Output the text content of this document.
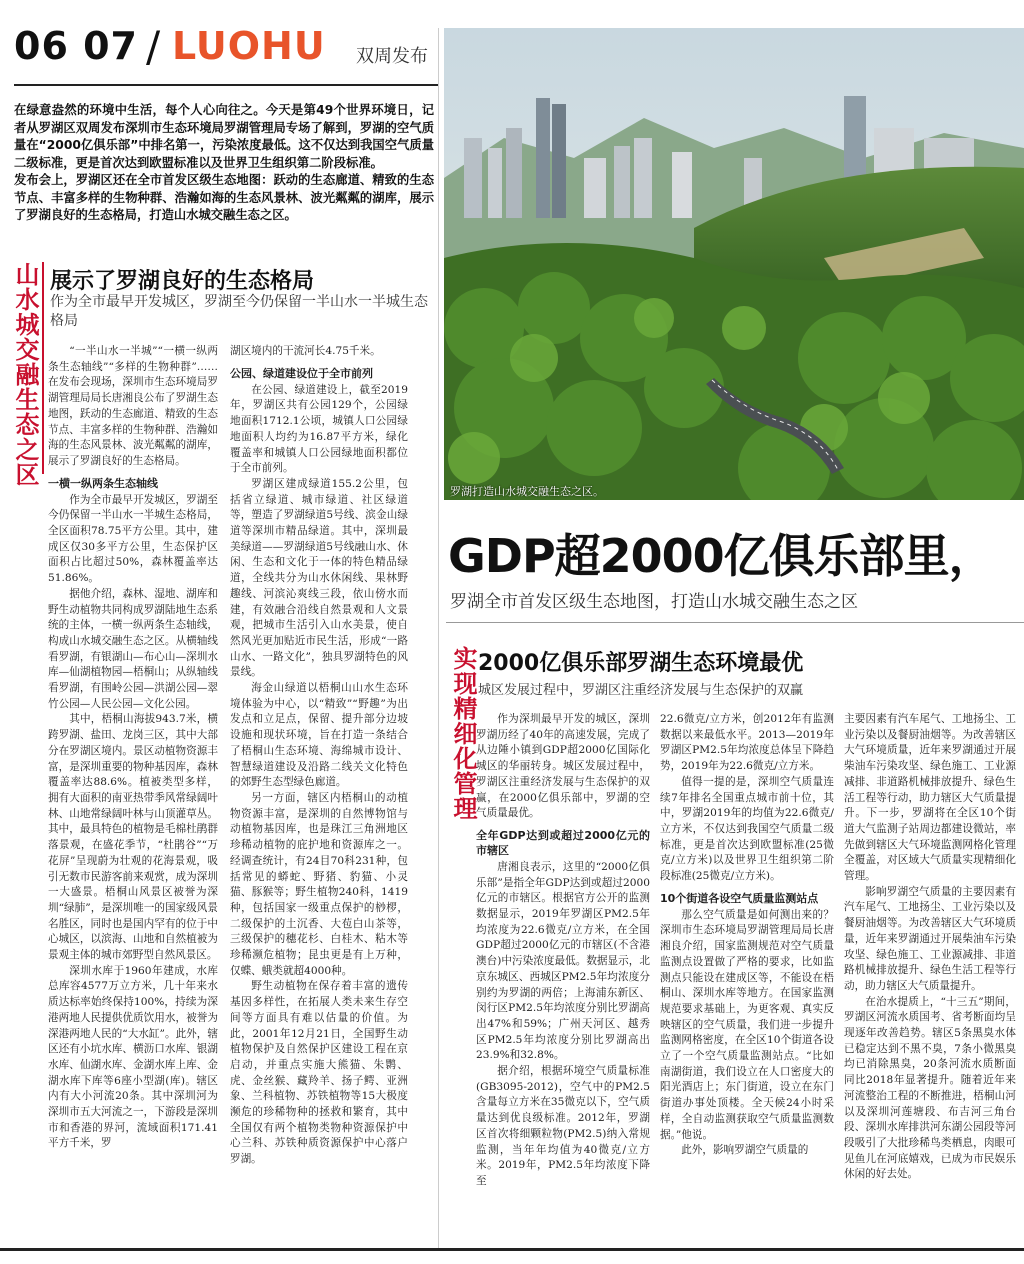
06 07 / LUOHU 双周发布

在绿意盎然的环境中生活，每个人心向往之。今天是第49个世界环境日，记者从罗湖区双周发布深圳市生态环境局罗湖管理局专场了解到，罗湖的空气质量在“2000亿俱乐部”中排名第一，污染浓度最低。这不仅达到我国空气质量二级标准，更是首次达到欧盟标准以及世界卫生组织第二阶段标准。

发布会上，罗湖区还在全市首发区级生态地图：跃动的生态廊道、精致的生态节点、丰富多样的生物种群、浩瀚如海的生态风景林、波光粼粼的湖库，展示了罗湖良好的生态格局，打造山水城交融生态之区。

山水城交融生态之区 展示了罗湖良好的生态格局
作为全市最早开发城区，罗湖至今仍保留一半山水一半城生态格局

“一半山水一半城”“一横一纵两条生态轴线”“多样的生物种群”……在发布会现场，深圳市生态环境局罗湖管理局局长唐湘良公布了罗湖生态地图，跃动的生态廊道、精致的生态节点、丰富多样的生物种群、浩瀚如海的生态风景林、波光粼粼的湖库，展示了罗湖良好的生态格局。

一横一纵两条生态轴线

作为全市最早开发城区，罗湖至今仍保留一半山水一半城生态格局，全区面积78.75平方公里。其中，建成区仅30多平方公里，生态保护区面积占比超过50%，森林覆盖率达51.86%。

据他介绍，森林、湿地、湖库和野生动植物共同构成罗湖陆地生态系统的主体，一横一纵两条生态轴线，构成山水城交融生态之区。从横轴线看罗湖，有银湖山—布心山—深圳水库—仙湖植物园—梧桐山；从纵轴线看罗湖，有围岭公园—洪湖公园—翠竹公园—人民公园—文化公园。

其中，梧桐山海拔943.7米，横跨罗湖、盐田、龙岗三区，其中大部分在罗湖区境内。景区动植物资源丰富，是深圳重要的物种基因库，森林覆盖率达88.6%。植被类型多样，拥有大面积的南亚热带季风常绿阔叶林、山地常绿阔叶林与山顶灌草丛。其中，最具特色的植物是毛棉杜鹃群落景观，在盛花季节，“杜鹃谷”“万花屏”呈现蔚为壮观的花海景观，吸引无数市民游客前来观赏，成为深圳一大盛景。梧桐山风景区被誉为深圳“绿肺”，是深圳唯一的国家级风景名胜区，同时也是国内罕有的位于中心城区，以滨海、山地和自然植被为景观主体的城市郊野型自然风景区。

深圳水库于1960年建成，水库总库容4577万立方米，几十年来水质达标率始终保持100%，持续为深港两地人民提供优质饮用水，被誉为深港两地人民的“大水缸”。此外，辖区还有小坑水库、横沥口水库、银湖水库、仙湖水库、金湖水库上库、金湖水库下库等6座小型湖(库)。辖区内有大小河流20条。其中深圳河为深圳市五大河流之一，下游段是深圳市和香港的界河，流域面积171.41平方千米，罗

湖区境内的干流河长4.75千米。

公园、绿道建设位于全市前列

在公园、绿道建设上，截至2019年，罗湖区共有公园129个，公园绿地面积1712.1公顷，城镇人口公园绿地面积人均约为16.87平方米，绿化覆盖率和城镇人口公园绿地面积都位于全市前列。

罗湖区建成绿道155.2公里，包括省立绿道、城市绿道、社区绿道等，塑造了罗湖绿道5号线、滨金山绿道等深圳市精品绿道。其中，深圳最美绿道——罗湖绿道5号线融山水、休闲、生态和文化于一体的特色精品绿道，全线共分为山水休闲线、果林野趣线、河滨沁爽线三段，依山傍水而建，有效融合沿线自然景观和人文景观，把城市生活引入山水美景，使自然风光更加贴近市民生活，形成“一路山水、一路文化”，独具罗湖特色的风景线。

海金山绿道以梧桐山山水生态环境体验为中心，以“精致”“野趣”为出发点和立足点，保留、提升部分边坡设施和现状环境，旨在打造一条结合了梧桐山生态环境、海绵城市设计、智慧绿道建设及沿路二线关文化特色的郊野生态型绿色廊道。

另一方面，辖区内梧桐山的动植物资源丰富，是深圳的自然博物馆与动植物基因库，也是珠江三角洲地区珍稀动植物的庇护地和资源库之一。经调查统计，有24目70科231种，包括常见的蟒蛇、野猪、豹猫、小灵猫、豚猴等；野生植物240科，1419种，包括国家一级重点保护的桫椤，二级保护的土沉香、大苞白山茶等，三级保护的穗花杉、白桂木、粘木等珍稀濒危植物；昆虫更是有上万种，仅蝶、蛾类就超4000种。

野生动植物在保存着丰富的遗传基因多样性，在拓展人类未来生存空间等方面具有难以估量的价值。为此，2001年12月21日，全国野生动植物保护及自然保护区建设工程在京启动，并重点实施大熊猫、朱鹮、虎、金丝猴、藏羚羊、扬子鳄、亚洲象、兰科植物、苏铁植物等15大极度濒危的珍稀物种的拯救和繁育，其中全国仅有两个植物类物种资源保护中心兰科、苏铁种质资源保护中心落户罗湖。

罗湖打造山水城交融生态之区。
GDP超2000亿俱乐部里，
罗湖全市首发区级生态地图，打造山水城交融生态之区
实现精细化管理 2000亿俱乐部罗湖生态环境最优
城区发展过程中，罗湖区注重经济发展与生态保护的双赢

作为深圳最早开发的城区，深圳罗湖历经了40年的高速发展，完成了从边陲小镇到GDP超2000亿国际化城区的华丽转身。城区发展过程中，罗湖区注重经济发展与生态保护的双赢，在2000亿俱乐部中，罗湖的空气质量最优。

全年GDP达到或超过2000亿元的市辖区

唐湘良表示，这里的“2000亿俱乐部”是指全年GDP达到或超过2000亿元的市辖区。根据官方公开的监测数据显示，2019年罗湖区PM2.5年均浓度为22.6微克/立方米，在全国GDP超过2000亿元的市辖区(不含港澳台)中污染浓度最低。数据显示，北京东城区、西城区PM2.5年均浓度分别约为罗湖的两倍；上海浦东新区、闵行区PM2.5年均浓度分别比罗湖高出47%和59%；广州天河区、越秀区PM2.5年均浓度分别比罗湖高出23.9%和32.8%。

据介绍，根据环境空气质量标准(GB3095-2012)，空气中的PM2.5含量每立方米在35微克以下，空气质量达到优良级标准。2012年，罗湖区首次将细颗粒物(PM2.5)纳入常规监测，当年年均值为40微克/立方米。2019年，PM2.5年均浓度下降至

22.6微克/立方米，创2012年有监测数据以来最低水平。2013—2019年罗湖区PM2.5年均浓度总体呈下降趋势，2019年为22.6微克/立方米。

值得一提的是，深圳空气质量连续7年排名全国重点城市前十位，其中，罗湖2019年的均值为22.6微克/立方米，不仅达到我国空气质量二级标准，更是首次达到欧盟标准(25微克/立方米)以及世界卫生组织第二阶段标准(25微克/立方米)。

10个街道各设空气质量监测站点

那么空气质量是如何测出来的？深圳市生态环境局罗湖管理局局长唐湘良介绍，国家监测规范对空气质量监测点设置做了严格的要求，比如监测点只能设在建成区等，不能设在梧桐山、深圳水库等地方。在国家监测规范要求基础上，为更客观、真实反映辖区的空气质量，我们进一步提升监测网格密度，在全区10个街道各设立了一个空气质量监测站点。“比如南湖街道，我们设立在人口密度大的阳光酒店上；东门街道，设立在东门街道办事处顶楼。全天候24小时采样，全自动监测获取空气质量监测数据。”他说。

此外，影响罗湖空气质量的

主要因素有汽车尾气、工地扬尘、工业污染以及餐厨油烟等。为改善辖区大气环境质量，近年来罗湖通过开展柴油车污染攻坚、绿色施工、工业源减排、非道路机械排放提升、绿色生活工程等行动，助力辖区大气质量提升。下一步，罗湖将在全区10个街道大气监测子站周边都建设微站，率先做到辖区大气环境监测网格化管理全覆盖，对区域大气质量实现精细化管理。

影响罗湖空气质量的主要因素有汽车尾气、工地扬尘、工业污染以及餐厨油烟等。为改善辖区大气环境质量，近年来罗湖通过开展柴油车污染攻坚、绿色施工、工业源减排、非道路机械排放提升、绿色生活工程等行动，助力辖区大气质量提升。

在治水提质上，“十三五”期间，罗湖区河流水质国考、省考断面均呈现逐年改善趋势。辖区5条黑臭水体已稳定达到不黑不臭，7条小微黑臭均已消除黑臭，20条河流水质断面同比2018年显著提升。随着近年来河流整治工程的不断推进，梧桐山河以及深圳河莲塘段、布吉河三角台段、深圳水库排洪河东湖公园段等河段吸引了大批珍稀鸟类栖息，肉眼可见鱼儿在河底嬉戏，已成为市民娱乐休闲的好去处。
